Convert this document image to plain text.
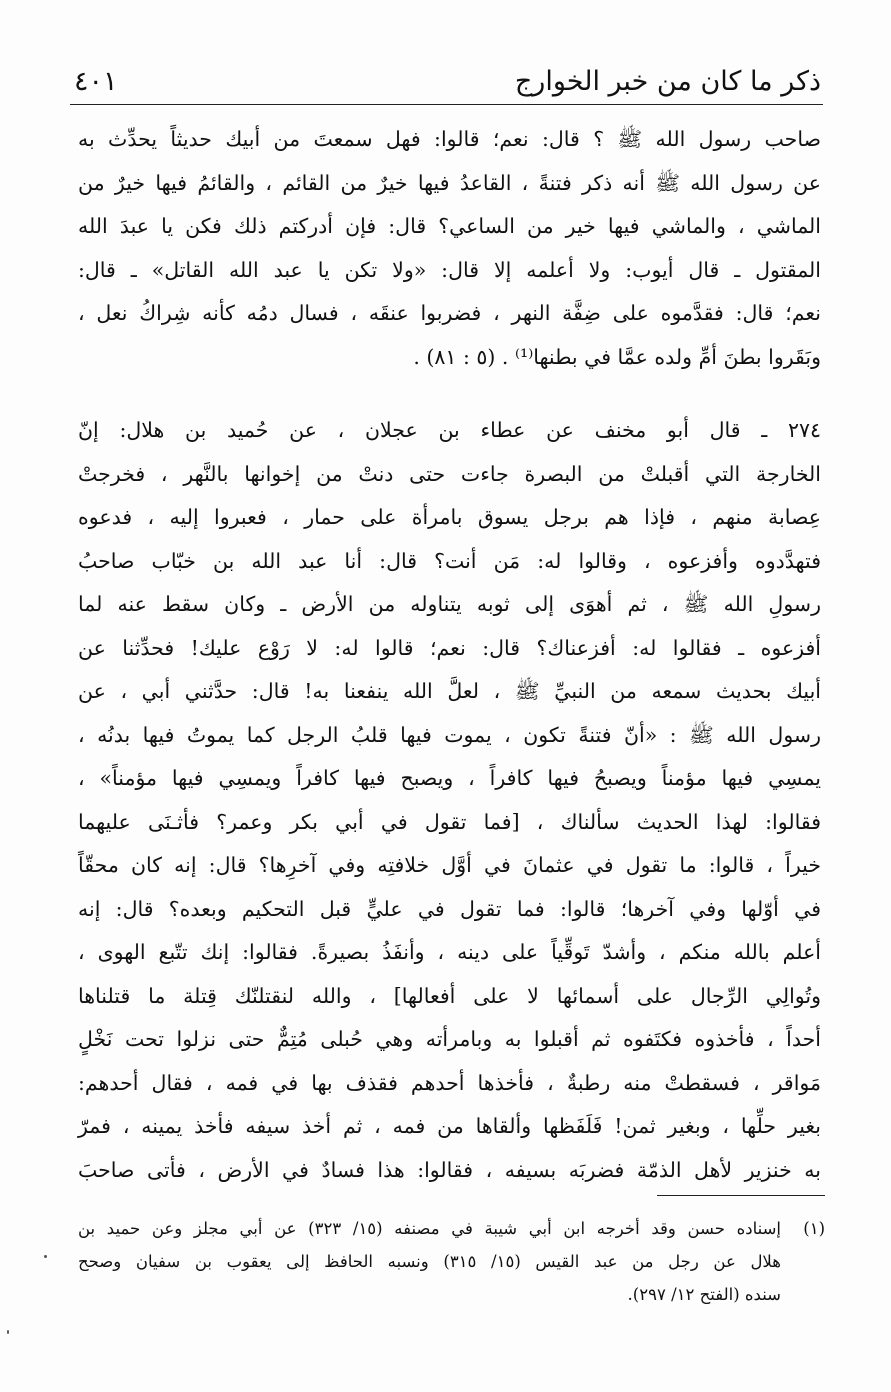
ذكر ما كان من خبر الخوارج
٤٠١

صاحب رسول الله ﷺ ؟ قال: نعم؛ قالوا: فهل سمعتَ من أبيك حديثاً يحدِّث به
عن رسول الله ﷺ أنه ذكر فتنةً ، القاعدُ فيها خيرٌ من القائم ، والقائمُ فيها خيرٌ من
الماشي ، والماشي فيها خير من الساعي؟ قال: فإن أدركتم ذلك فكن يا عبدَ الله
المقتول ـ قال أيوب: ولا أعلمه إلا قال: «ولا تكن يا عبد الله القاتل» ـ قال:
نعم؛ قال: فقدَّموه على ضِفَّة النهر ، فضربوا عنقَه ، فسال دمُه كأنه شِراكُ نعل ،
وبَقَروا بطنَ أمِّ ولده عمَّا في بطنها⁽¹⁾ . (٥ : ٨١) .

٢٧٤ ـ قال أبو مخنف عن عطاء بن عجلان ، عن حُميد بن هلال: إنّ
الخارجة التي أقبلتْ من البصرة جاءت حتى دنتْ من إخوانها بالنَّهر ، فخرجتْ
عِصابة منهم ، فإذا هم برجل يسوق بامرأة على حمار ، فعبروا إليه ، فدعوه
فتهدَّدوه وأفزعوه ، وقالوا له: مَن أنت؟ قال: أنا عبد الله بن خبّاب صاحبُ
رسولِ الله ﷺ ، ثم أهوَى إلى ثوبه يتناوله من الأرض ـ وكان سقط عنه لما
أفزعوه ـ فقالوا له: أفزعناك؟ قال: نعم؛ قالوا له: لا رَوْع عليك! فحدِّثنا عن
أبيك بحديث سمعه من النبيِّ ﷺ ، لعلَّ الله ينفعنا به! قال: حدَّثني أبي ، عن
رسول الله ﷺ : «أنّ فتنةً تكون ، يموت فيها قلبُ الرجل كما يموتُ فيها بدنُه ،
يمسِي فيها مؤمناً ويصبحُ فيها كافراً ، ويصبح فيها كافراً ويمسِي فيها مؤمناً» ،
فقالوا: لهذا الحديث سألناك ، [فما تقول في أبي بكر وعمر؟ فأثـنَى عليهما
خيراً ، قالوا: ما تقول في عثمانَ في أوَّل خلافتِه وفي آخرِها؟ قال: إنه كان محقّاً
في أوّلها وفي آخرها؛ قالوا: فما تقول في عليٍّ قبل التحكيم وبعده؟ قال: إنه
أعلم بالله منكم ، وأشدّ تَوقِّياً على دينه ، وأنفَذُ بصيرةً. فقالوا: إنك تتّبع الهوى ،
وتُوالِي الرِّجال على أسمائها لا على أفعالها] ، والله لنقتلنّك قِتلة ما قتلناها
أحداً ، فأخذوه فكتَفوه ثم أقبلوا به وبامرأته وهي حُبلى مُتِمٌّ حتى نزلوا تحت نَخْلٍ
مَواقر ، فسقطتْ منه رطبةٌ ، فأخذها أحدهم فقذف بها في فمه ، فقال أحدهم:
بغير حلِّها ، وبغير ثمن! فَلَفَظها وألقاها من فمه ، ثم أخذ سيفه فأخذ يمينه ، فمرّ
به خنزير لأهل الذمّة فضربَه بسيفه ، فقالوا: هذا فسادٌ في الأرض ، فأتى صاحبَ

(١)
إسناده حسن وقد أخرجه ابن أبي شيبة في مصنفه (١٥/ ٣٢٣) عن أبي مجلز وعن حميد بن
هلال عن رجل من عبد القيس (١٥/ ٣١٥) ونسبه الحافظ إلى يعقوب بن سفيان وصحح
سنده (الفتح ١٢/ ٢٩٧).
